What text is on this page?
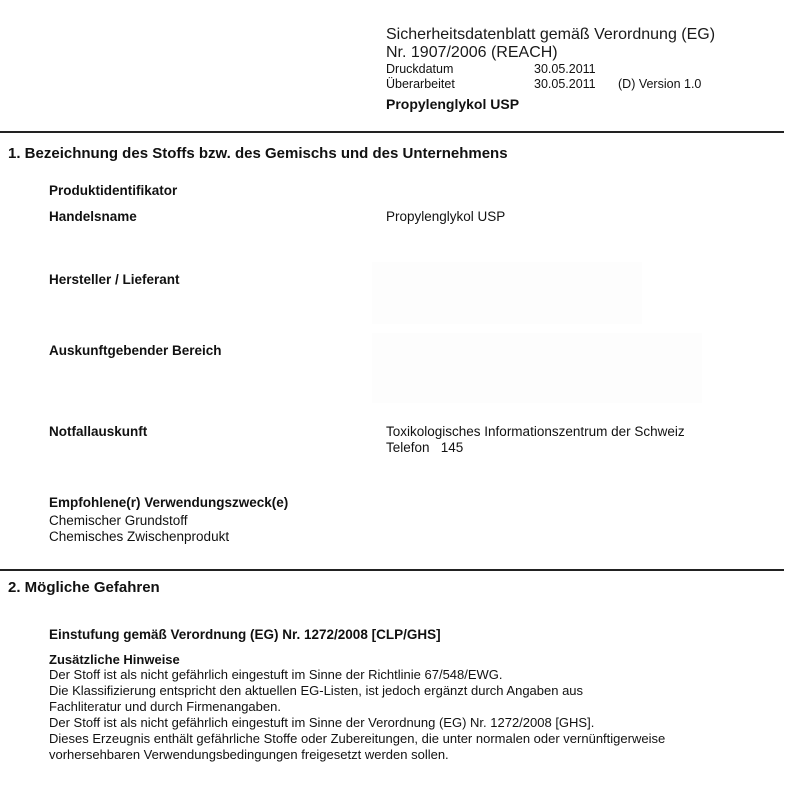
Sicherheitsdatenblatt gemäß Verordnung (EG)
Nr. 1907/2006 (REACH)
Druckdatum	30.05.2011
Überarbeitet	30.05.2011	(D) Version 1.0
Propylenglykol USP
1. Bezeichnung des Stoffs bzw. des Gemischs und des Unternehmens
Produktidentifikator
Handelsname	Propylenglykol USP
Hersteller / Lieferant
Auskunftgebender Bereich
Notfallauskunft	Toxikologisches Informationszentrum der Schweiz
Telefon   145
Empfohlene(r) Verwendungszweck(e)
Chemischer Grundstoff
Chemisches Zwischenprodukt
2. Mögliche Gefahren
Einstufung gemäß Verordnung (EG) Nr. 1272/2008 [CLP/GHS]
Zusätzliche Hinweise
Der Stoff ist als nicht gefährlich eingestuft im Sinne der Richtlinie 67/548/EWG.
Die Klassifizierung entspricht den aktuellen EG-Listen, ist jedoch ergänzt durch Angaben aus
Fachliteratur und durch Firmenangaben.
Der Stoff ist als nicht gefährlich eingestuft im Sinne der Verordnung (EG) Nr. 1272/2008 [GHS].
Dieses Erzeugnis enthält gefährliche Stoffe oder Zubereitungen, die unter normalen oder vernünftigerweise
vorhersehbaren Verwendungsbedingungen freigesetzt werden sollen.
